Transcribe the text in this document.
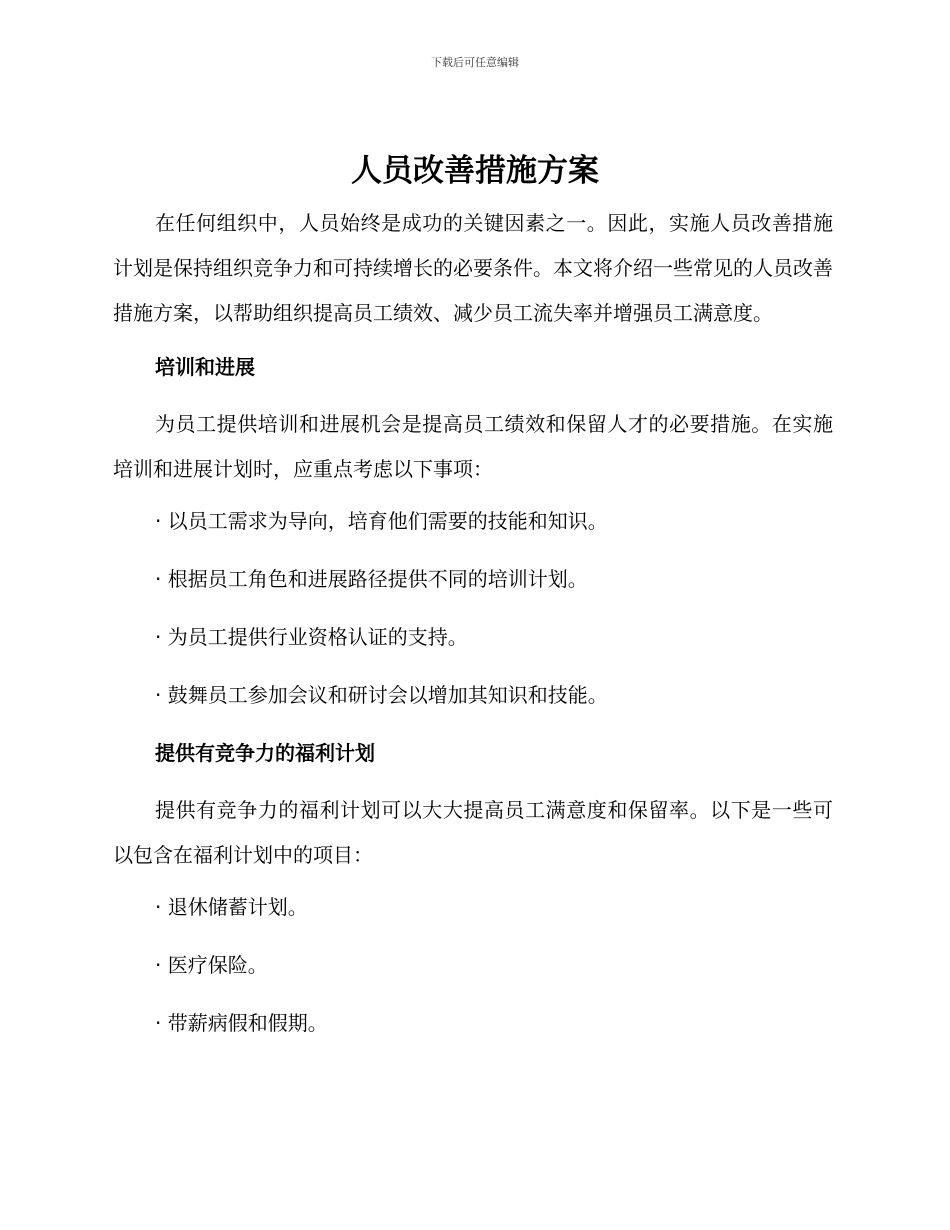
下载后可任意编辑
人员改善措施方案

在任何组织中，人员始终是成功的关键因素之一。因此，实施人员改善措施计划是保持组织竞争力和可持续增长的必要条件。本文将介绍一些常见的人员改善措施方案，以帮助组织提高员工绩效、减少员工流失率并增强员工满意度。

培训和进展

为员工提供培训和进展机会是提高员工绩效和保留人才的必要措施。在实施培训和进展计划时，应重点考虑以下事项：

· 以员工需求为导向，培育他们需要的技能和知识。

· 根据员工角色和进展路径提供不同的培训计划。

· 为员工提供行业资格认证的支持。

· 鼓舞员工参加会议和研讨会以增加其知识和技能。

提供有竞争力的福利计划

提供有竞争力的福利计划可以大大提高员工满意度和保留率。以下是一些可以包含在福利计划中的项目：

· 退休储蓄计划。

· 医疗保险。

· 带薪病假和假期。
